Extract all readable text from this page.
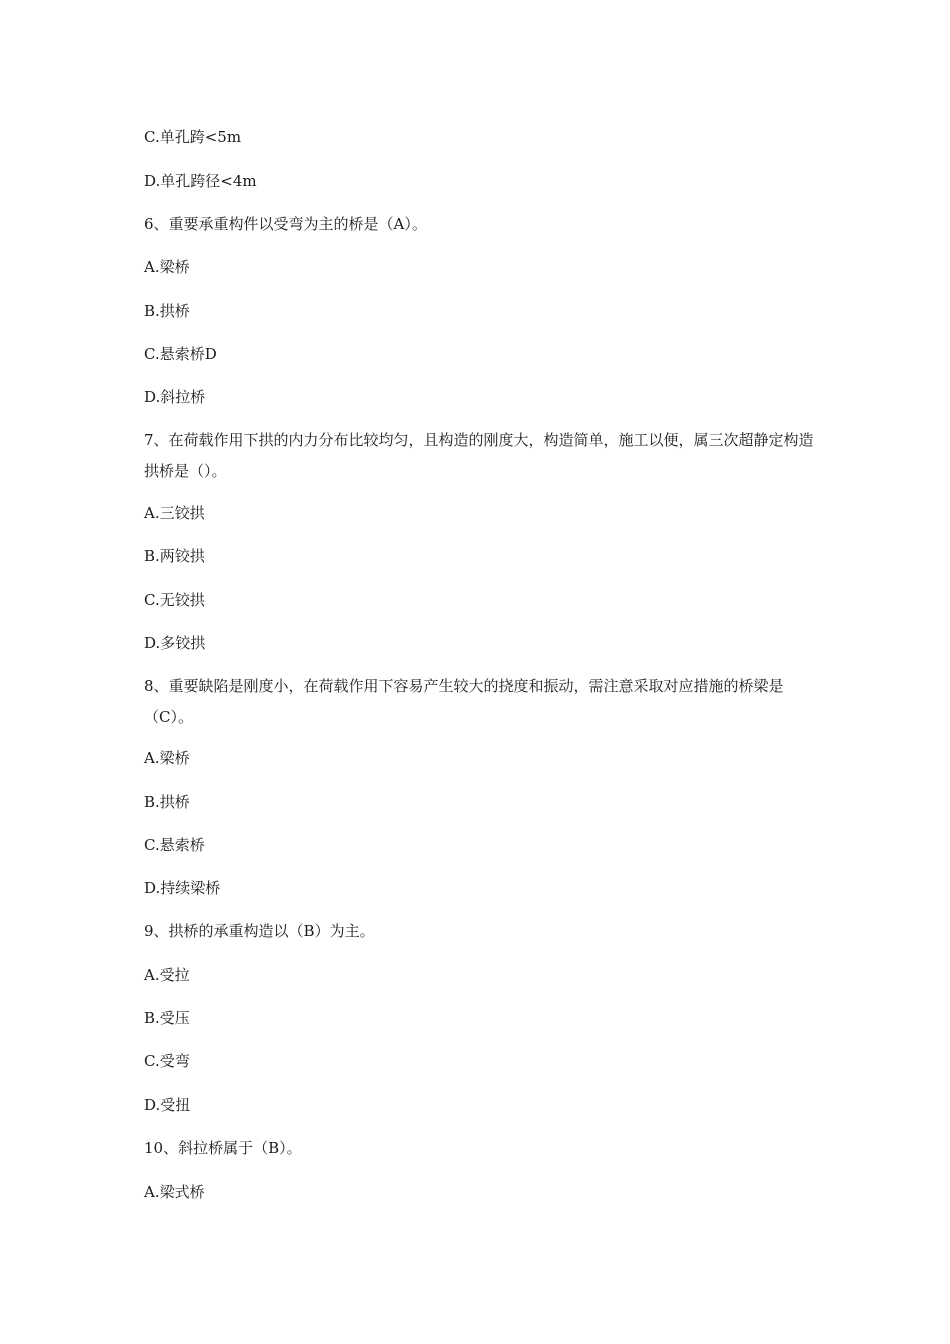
C.单孔跨<5m
D.单孔跨径<4m
6、重要承重构件以受弯为主的桥是（A）。
A.梁桥
B.拱桥
C.悬索桥D
D.斜拉桥
7、在荷载作用下拱的内力分布比较均匀，且构造的刚度大，构造简单，施工以便，属三次超静定构造拱桥是（）。
A.三铰拱
B.两铰拱
C.无铰拱
D.多铰拱
8、重要缺陷是刚度小，在荷载作用下容易产生较大的挠度和振动，需注意采取对应措施的桥梁是（C）。
A.梁桥
B.拱桥
C.悬索桥
D.持续梁桥
9、拱桥的承重构造以（B）为主。
A.受拉
B.受压
C.受弯
D.受扭
10、斜拉桥属于（B）。
A.梁式桥
